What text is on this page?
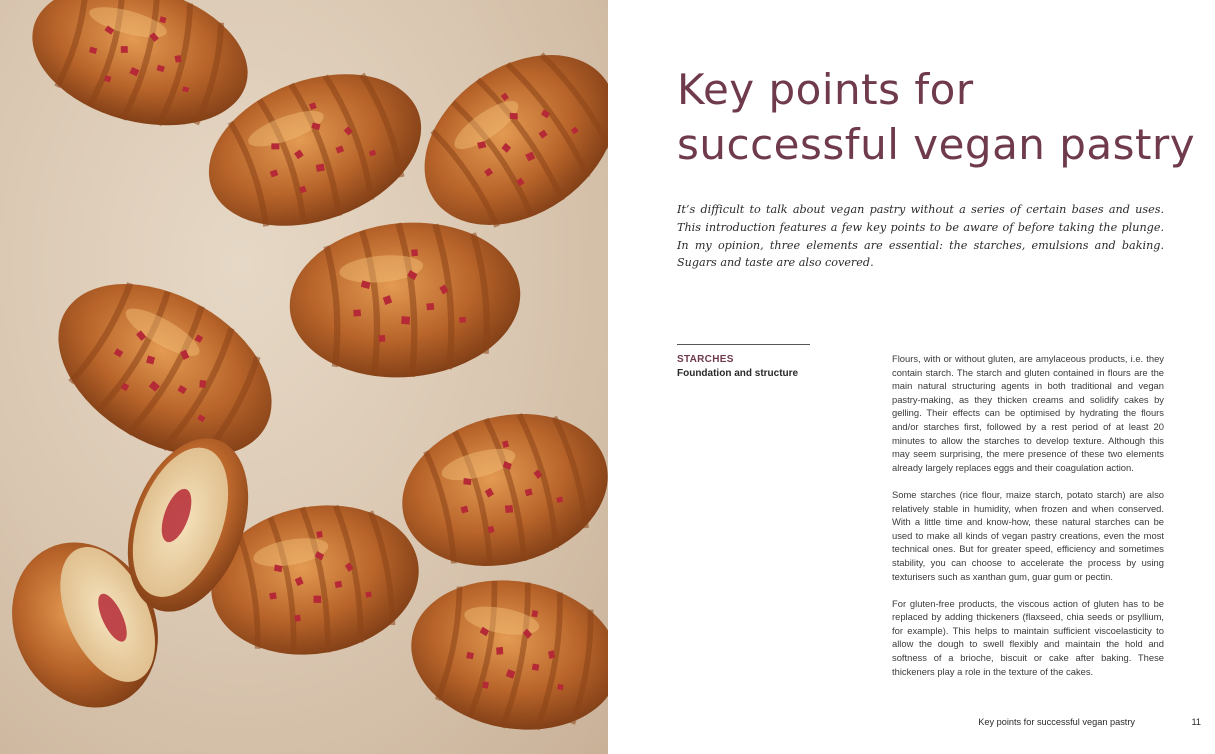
Key points for
successful vegan pastry

It’s difficult to talk about vegan pastry without a series of certain bases and uses. This introduction features a few key points to be aware of before taking the plunge. In my opinion, three elements are essential: the starches, emulsions and baking. Sugars and taste are also covered.

STARCHES

Foundation and structure

Flours, with or without gluten, are amylaceous products, i.e. they contain starch. The starch and gluten contained in flours are the main natural structuring agents in both traditional and vegan pastry-making, as they thicken creams and solidify cakes by gelling. Their effects can be optimised by hydrating the flours and/or starches first, followed by a rest period of at least 20 minutes to allow the starches to develop texture. Although this may seem surprising, the mere presence of these two elements already largely replaces eggs and their coagulation action.

Some starches (rice flour, maize starch, potato starch) are also relatively stable in humidity, when frozen and when conserved. With a little time and know-how, these natural starches can be used to make all kinds of vegan pastry creations, even the most technical ones. But for greater speed, efficiency and sometimes stability, you can choose to accelerate the process by using texturisers such as xanthan gum, guar gum or pectin.

For gluten-free products, the viscous action of gluten has to be replaced by adding thickeners (flaxseed, chia seeds or psyllium, for example). This helps to maintain sufficient viscoelasticity to allow the dough to swell flexibly and maintain the hold and softness of a brioche, biscuit or cake after baking. These thickeners play a role in the texture of the cakes.

Key points for successful vegan pastry	11
